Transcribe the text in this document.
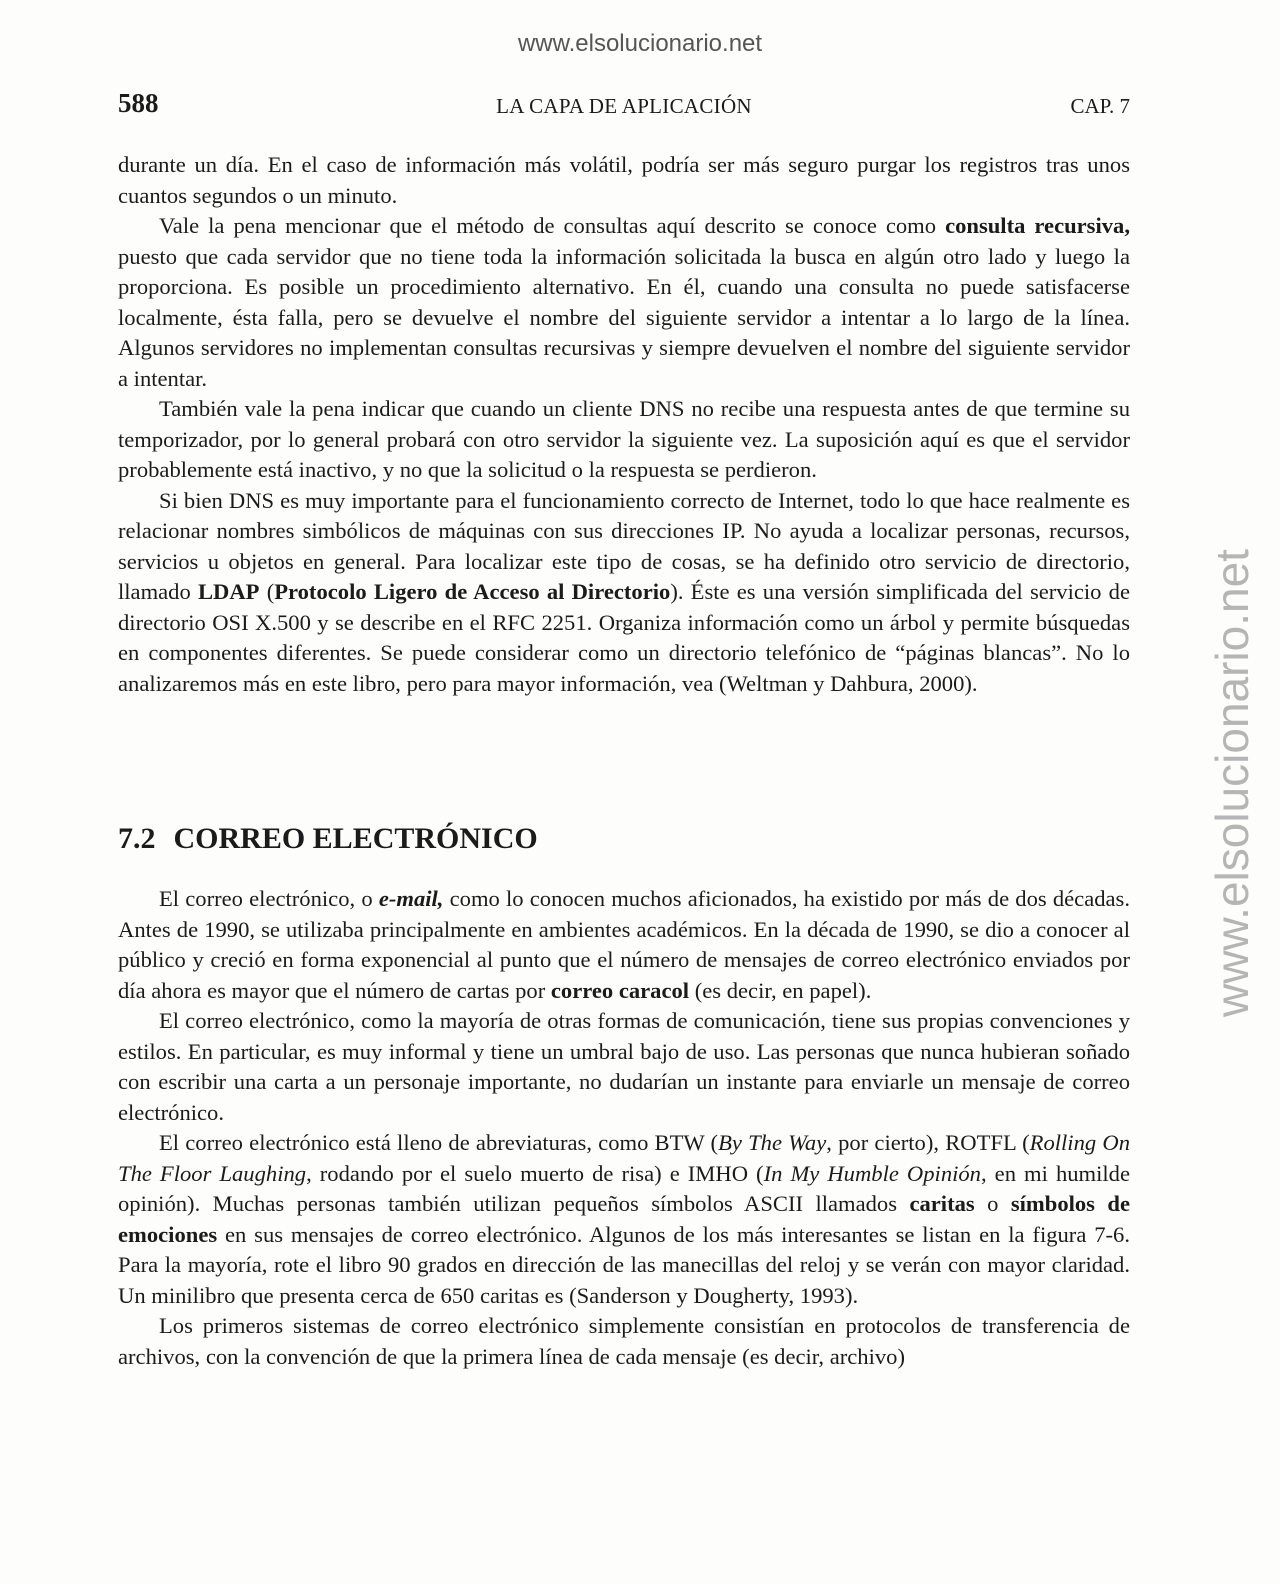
www.elsolucionario.net
www.elsolucionario.net
588	LA CAPA DE APLICACIÓN	CAP. 7

durante un día. En el caso de información más volátil, podría ser más seguro purgar los registros tras unos cuantos segundos o un minuto.

Vale la pena mencionar que el método de consultas aquí descrito se conoce como consulta recursiva, puesto que cada servidor que no tiene toda la información solicitada la busca en algún otro lado y luego la proporciona. Es posible un procedimiento alternativo. En él, cuando una consulta no puede satisfacerse localmente, ésta falla, pero se devuelve el nombre del siguiente servidor a intentar a lo largo de la línea. Algunos servidores no implementan consultas recursivas y siempre devuelven el nombre del siguiente servidor a intentar.

También vale la pena indicar que cuando un cliente DNS no recibe una respuesta antes de que termine su temporizador, por lo general probará con otro servidor la siguiente vez. La suposición aquí es que el servidor probablemente está inactivo, y no que la solicitud o la respuesta se perdieron.

Si bien DNS es muy importante para el funcionamiento correcto de Internet, todo lo que hace realmente es relacionar nombres simbólicos de máquinas con sus direcciones IP. No ayuda a localizar personas, recursos, servicios u objetos en general. Para localizar este tipo de cosas, se ha definido otro servicio de directorio, llamado LDAP (Protocolo Ligero de Acceso al Directorio). Éste es una versión simplificada del servicio de directorio OSI X.500 y se describe en el RFC 2251. Organiza información como un árbol y permite búsquedas en componentes diferentes. Se puede considerar como un directorio telefónico de “páginas blancas”. No lo analizaremos más en este libro, pero para mayor información, vea (Weltman y Dahbura, 2000).

7.2 CORREO ELECTRÓNICO

El correo electrónico, o e-mail, como lo conocen muchos aficionados, ha existido por más de dos décadas. Antes de 1990, se utilizaba principalmente en ambientes académicos. En la década de 1990, se dio a conocer al público y creció en forma exponencial al punto que el número de mensajes de correo electrónico enviados por día ahora es mayor que el número de cartas por correo caracol (es decir, en papel).

El correo electrónico, como la mayoría de otras formas de comunicación, tiene sus propias convenciones y estilos. En particular, es muy informal y tiene un umbral bajo de uso. Las personas que nunca hubieran soñado con escribir una carta a un personaje importante, no dudarían un instante para enviarle un mensaje de correo electrónico.

El correo electrónico está lleno de abreviaturas, como BTW (By The Way, por cierto), ROTFL (Rolling On The Floor Laughing, rodando por el suelo muerto de risa) e IMHO (In My Humble Opinión, en mi humilde opinión). Muchas personas también utilizan pequeños símbolos ASCII llamados caritas o símbolos de emociones en sus mensajes de correo electrónico. Algunos de los más interesantes se listan en la figura 7-6. Para la mayoría, rote el libro 90 grados en dirección de las manecillas del reloj y se verán con mayor claridad. Un minilibro que presenta cerca de 650 caritas es (Sanderson y Dougherty, 1993).

Los primeros sistemas de correo electrónico simplemente consistían en protocolos de transferencia de archivos, con la convención de que la primera línea de cada mensaje (es decir, archivo)
